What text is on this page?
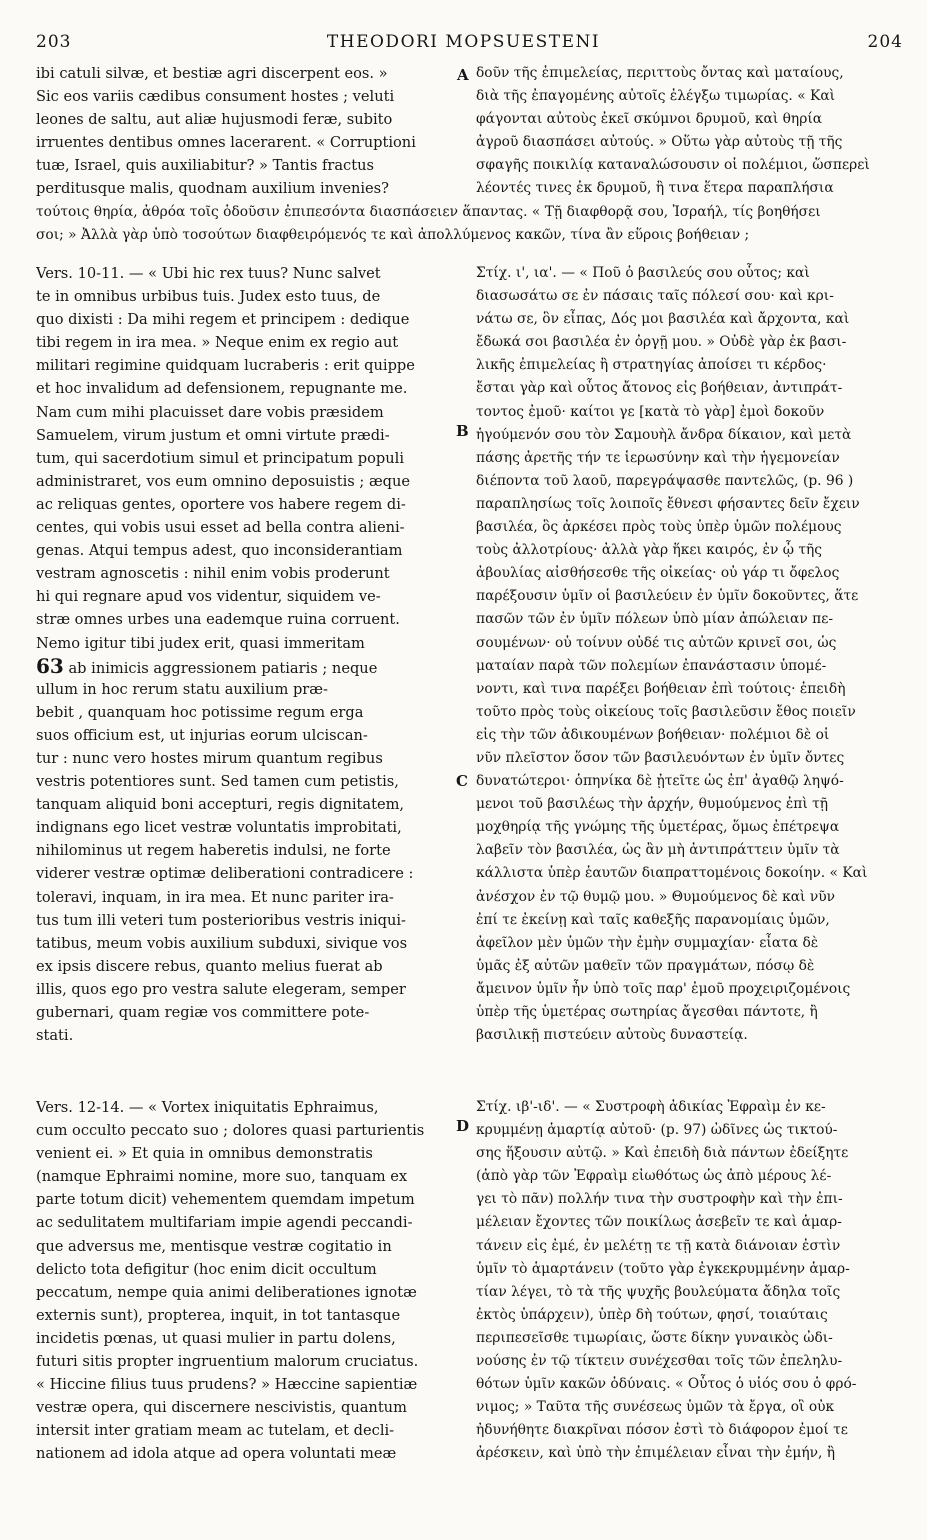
203	THEODORI MOPSUESTENI	204
A
B
C
D
ibi catuli silvæ, et bestiæ agri discerpent eos. »
Sic eos variis cædibus consument hostes ; veluti
leones de saltu, aut aliæ hujusmodi feræ, subito
irruentes dentibus omnes lacerarent. « Corruptioni
tuæ, Israel, quis auxiliabitur? » Tantis fractus
perditusque malis, quodnam auxilium invenies?
δοῦν τῆς ἐπιμελείας, περιττοὺς ὄντας καὶ ματαίους,
διὰ τῆς ἐπαγομένης αὐτοῖς ἐλέγξω τιμωρίας. « Καὶ
φάγονται αὐτοὺς ἐκεῖ σκύμνοι δρυμοῦ, καὶ θηρία
ἀγροῦ διασπάσει αὐτούς. » Οὕτω γὰρ αὐτοὺς τῇ τῆς
σφαγῆς ποικιλίᾳ καταναλώσουσιν οἱ πολέμιοι, ὥσπερεὶ
λέοντές τινες ἐκ δρυμοῦ, ἢ τινα ἕτερα παραπλήσια
τούτοις θηρία, ἀθρόα τοῖς ὁδοῦσιν ἐπιπεσόντα διασπάσειεν ἅπαντας. « Τῇ διαφθορᾷ σου, Ἰσραήλ, τίς βοηθήσει
σοι; » Ἀλλὰ γὰρ ὑπὸ τοσούτων διαφθειρόμενός τε καὶ ἀπολλύμενος κακῶν, τίνα ἂν εὕροις βοήθειαν ;
Vers. 10-11. — « Ubi hic rex tuus? Nunc salvet
te in omnibus urbibus tuis. Judex esto tuus, de
quo dixisti : Da mihi regem et principem : dedique
tibi regem in ira mea. » Neque enim ex regio aut
militari regimine quidquam lucraberis : erit quippe
et hoc invalidum ad defensionem, repugnante me.
Nam cum mihi placuisset dare vobis præsidem
Samuelem, virum justum et omni virtute prædi-
tum, qui sacerdotium simul et principatum populi
administraret, vos eum omnino deposuistis ; æque
ac reliquas gentes, oportere vos habere regem di-
centes, qui vobis usui esset ad bella contra alieni-
genas. Atqui tempus adest, quo inconsiderantiam
vestram agnoscetis : nihil enim vobis proderunt
hi qui regnare apud vos videntur, siquidem ve-
stræ omnes urbes una eademque ruina corruent.
Nemo igitur tibi judex erit, quasi immeritam
63 ab inimicis aggressionem patiaris ; neque
ullum in hoc rerum statu auxilium præ-
bebit , quanquam hoc potissime regum erga
suos officium est, ut injurias eorum ulciscan-
tur : nunc vero hostes mirum quantum regibus
vestris potentiores sunt. Sed tamen cum petistis,
tanquam aliquid boni accepturi, regis dignitatem,
indignans ego licet vestræ voluntatis improbitati,
nihilominus ut regem haberetis indulsi, ne forte
viderer vestræ optimæ deliberationi contradicere :
toleravi, inquam, in ira mea. Et nunc pariter ira-
tus tum illi veteri tum posterioribus vestris iniqui-
tatibus, meum vobis auxilium subduxi, sivique vos
ex ipsis discere rebus, quanto melius fuerat ab
illis, quos ego pro vestra salute elegeram, semper
gubernari, quam regiæ vos committere pote-
stati.
Στίχ. ι', ια'. — « Ποῦ ὁ βασιλεύς σου οὗτος; καὶ
διασωσάτω σε ἐν πάσαις ταῖς πόλεσί σου· καὶ κρι-
νάτω σε, ὃν εἶπας, Δός μοι βασιλέα καὶ ἄρχοντα, καὶ
ἔδωκά σοι βασιλέα ἐν ὀργῇ μου. » Οὐδὲ γὰρ ἐκ βασι-
λικῆς ἐπιμελείας ἢ στρατηγίας ἀποίσει τι κέρδος·
ἔσται γὰρ καὶ οὗτος ἄτονος εἰς βοήθειαν, ἀντιπράτ-
τοντος ἐμοῦ· καίτοι γε [κατὰ τὸ γὰρ] ἐμοὶ δοκοῦν
ἡγούμενόν σου τὸν Σαμουὴλ ἄνδρα δίκαιον, καὶ μετὰ
πάσης ἀρετῆς τήν τε ἱερωσύνην καὶ τὴν ἡγεμονείαν
διέποντα τοῦ λαοῦ, παρεγράψασθε παντελῶς, (p. 96 )
παραπλησίως τοῖς λοιποῖς ἔθνεσι φήσαντες δεῖν ἔχειν
βασιλέα, ὃς ἀρκέσει πρὸς τοὺς ὑπὲρ ὑμῶν πολέμους
τοὺς ἀλλοτρίους· ἀλλὰ γὰρ ἥκει καιρός, ἐν ᾧ τῆς
ἀβουλίας αἰσθήσεσθε τῆς οἰκείας· οὐ γάρ τι ὄφελος
παρέξουσιν ὑμῖν οἱ βασιλεύειν ἐν ὑμῖν δοκοῦντες, ἅτε
πασῶν τῶν ἐν ὑμῖν πόλεων ὑπὸ μίαν ἀπώλειαν πε-
σουμένων· οὐ τοίνυν οὐδέ τις αὐτῶν κρινεῖ σοι, ὡς
ματαίαν παρὰ τῶν πολεμίων ἐπανάστασιν ὑπομέ-
νοντι, καὶ τινα παρέξει βοήθειαν ἐπὶ τούτοις· ἐπειδὴ
τοῦτο πρὸς τοὺς οἰκείους τοῖς βασιλεῦσιν ἔθος ποιεῖν
εἰς τὴν τῶν ἀδικουμένων βοήθειαν· πολέμιοι δὲ οἱ
νῦν πλεῖστον ὅσον τῶν βασιλευόντων ἐν ὑμῖν ὄντες
δυνατώτεροι· ὁπηνίκα δὲ ᾐτεῖτε ὡς ἐπ' ἀγαθῷ ληψό-
μενοι τοῦ βασιλέως τὴν ἀρχήν, θυμούμενος ἐπὶ τῇ
μοχθηρίᾳ τῆς γνώμης τῆς ὑμετέρας, ὅμως ἐπέτρεψα
λαβεῖν τὸν βασιλέα, ὡς ἂν μὴ ἀντιπράττειν ὑμῖν τὰ
κάλλιστα ὑπὲρ ἑαυτῶν διαπραττομένοις δοκοίην. « Καὶ
ἀνέσχον ἐν τῷ θυμῷ μου. » Θυμούμενος δὲ καὶ νῦν
ἐπί τε ἐκείνῃ καὶ ταῖς καθεξῆς παρανομίαις ὑμῶν,
ἀφεῖλον μὲν ὑμῶν τὴν ἐμὴν συμμαχίαν· εἶατα δὲ
ὑμᾶς ἐξ αὐτῶν μαθεῖν τῶν πραγμάτων, πόσῳ δὲ
ἄμεινον ὑμῖν ἦν ὑπὸ τοῖς παρ' ἐμοῦ προχειριζομένοις
ὑπὲρ τῆς ὑμετέρας σωτηρίας ἄγεσθαι πάντοτε, ἢ
βασιλικῇ πιστεύειν αὐτοὺς δυναστείᾳ.
Vers. 12-14. — « Vortex iniquitatis Ephraimus,
cum occulto peccato suo ; dolores quasi parturientis
venient ei. » Et quia in omnibus demonstratis
(namque Ephraimi nomine, more suo, tanquam ex
parte totum dicit) vehementem quemdam impetum
ac sedulitatem multifariam impie agendi peccandi-
que adversus me, mentisque vestræ cogitatio in
delicto tota defigitur (hoc enim dicit occultum
peccatum, nempe quia animi deliberationes ignotæ
externis sunt), propterea, inquit, in tot tantasque
incidetis pœnas, ut quasi mulier in partu dolens,
futuri sitis propter ingruentium malorum cruciatus.
« Hiccine filius tuus prudens? » Hæccine sapientiæ
vestræ opera, qui discernere nescivistis, quantum
intersit inter gratiam meam ac tutelam, et decli-
nationem ad idola atque ad opera voluntati meæ
Στίχ. ιβ'-ιδ'. — « Συστροφὴ ἀδικίας Ἐφραὶμ ἐν κε-
κρυμμένῃ ἁμαρτίᾳ αὐτοῦ· (p. 97) ὠδῖνες ὡς τικτού-
σης ἥξουσιν αὐτῷ. » Καὶ ἐπειδὴ διὰ πάντων ἐδείξητε
(ἀπὸ γὰρ τῶν Ἐφραὶμ εἰωθότως ὡς ἀπὸ μέρους λέ-
γει τὸ πᾶν) πολλήν τινα τὴν συστροφὴν καὶ τὴν ἐπι-
μέλειαν ἔχοντες τῶν ποικίλως ἀσεβεῖν τε καὶ ἁμαρ-
τάνειν εἰς ἐμέ, ἐν μελέτῃ τε τῇ κατὰ διάνοιαν ἐστὶν
ὑμῖν τὸ ἁμαρτάνειν (τοῦτο γὰρ ἐγκεκρυμμένην ἁμαρ-
τίαν λέγει, τὸ τὰ τῆς ψυχῆς βουλεύματα ἄδηλα τοῖς
ἐκτὸς ὑπάρχειν), ὑπὲρ δὴ τούτων, φησί, τοιαύταις
περιπεσεῖσθε τιμωρίαις, ὥστε δίκην γυναικὸς ὠδι-
νούσης ἐν τῷ τίκτειν συνέχεσθαι τοῖς τῶν ἐπεληλυ-
θότων ὑμῖν κακῶν ὀδύναις. « Οὗτος ὁ υἱός σου ὁ φρό-
νιμος; » Ταῦτα τῆς συνέσεως ὑμῶν τὰ ἔργα, οἳ οὐκ
ἠδυνήθητε διακρῖναι πόσον ἐστὶ τὸ διάφορον ἐμοί τε
ἀρέσκειν, καὶ ὑπὸ τὴν ἐπιμέλειαν εἶναι τὴν ἐμήν, ἢ
